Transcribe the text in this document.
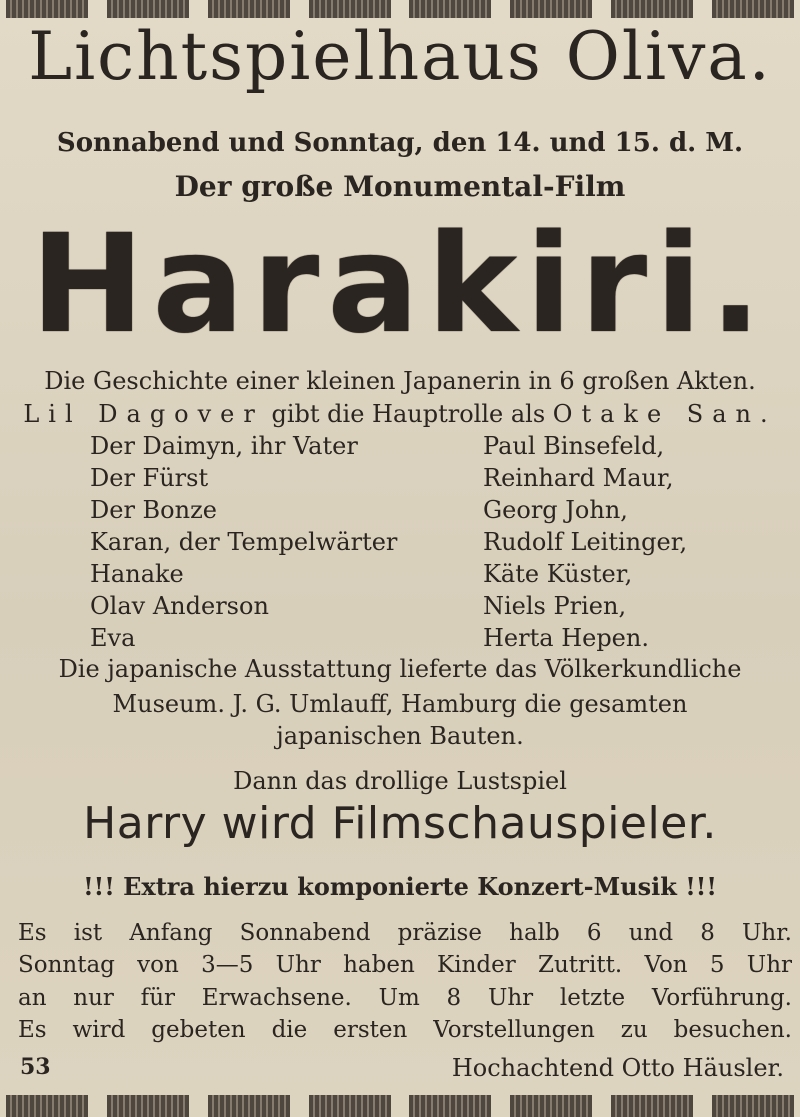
Lichtspielhaus Oliva.
Sonnabend und Sonntag, den 14. und 15. d. M.
Der große Monumental-Film
Harakiri.
Die Geschichte einer kleinen Japanerin in 6 großen Akten.
Lil Dagover gibt die Hauptrolle als Otake San.
Der Daimyn, ihr Vater	Paul Binsefeld,
Der Fürst	Reinhard Maur,
Der Bonze	Georg John,
Karan, der Tempelwärter	Rudolf Leitinger,
Hanake	Käte Küster,
Olav Anderson	Niels Prien,
Eva	Herta Hepen.
Die japanische Ausstattung lieferte das Völkerkundliche
Museum. J. G. Umlauff, Hamburg die gesamten
japanischen Bauten.
Dann das drollige Lustspiel
Harry wird Filmschauspieler.
!!! Extra hierzu komponierte Konzert-Musik !!!
Es ist Anfang Sonnabend präzise halb 6 und 8 Uhr.
Sonntag von 3—5 Uhr haben Kinder Zutritt. Von 5 Uhr
an nur für Erwachsene. Um 8 Uhr letzte Vorführung.
Es wird gebeten die ersten Vorstellungen zu besuchen.
53	Hochachtend Otto Häusler.
